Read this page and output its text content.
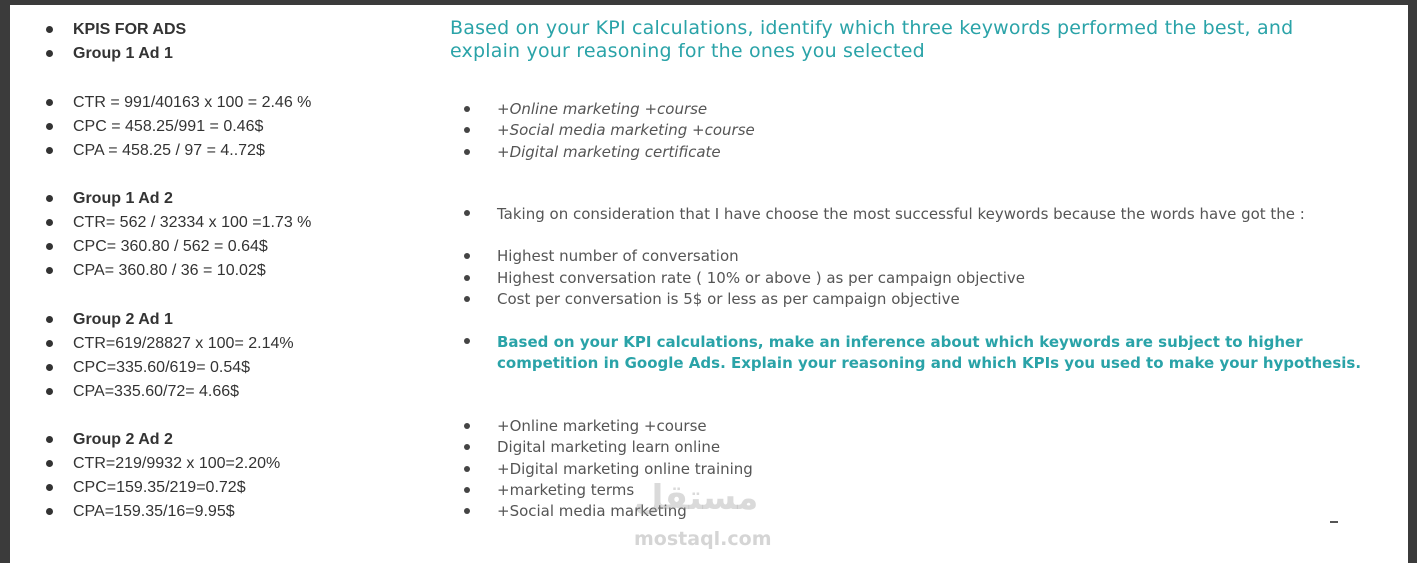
KPIS FOR ADS
Group 1 Ad 1
CTR = 991/40163 x 100 = 2.46 %
CPC = 458.25/991 = 0.46$
CPA = 458.25 / 97 = 4..72$
Group 1 Ad 2
CTR= 562 / 32334 x 100 =1.73 %
CPC= 360.80 / 562 = 0.64$
CPA= 360.80 / 36 = 10.02$
Group 2 Ad 1
CTR=619/28827 x 100= 2.14%
CPC=335.60/619= 0.54$
CPA=335.60/72= 4.66$
Group 2 Ad 2
CTR=219/9932 x 100=2.20%
CPC=159.35/219=0.72$
CPA=159.35/16=9.95$
Based on your KPI calculations, identify which three keywords performed the best, and explain your reasoning for the ones you selected
+Online marketing +course
+Social media marketing +course
+Digital marketing certificate
Taking on consideration that I have choose the most successful keywords because the words have got the :
Highest number of conversation
Highest conversation rate ( 10% or above ) as per campaign objective
Cost per conversation is 5$ or less as per campaign objective
Based on your KPI calculations, make an inference about which keywords are subject to higher competition in Google Ads. Explain your reasoning and which KPIs you used to make your hypothesis.
+Online marketing +course
Digital marketing learn online
+Digital marketing online training
+marketing terms
+Social media marketing
مستقل
mostaql.com
